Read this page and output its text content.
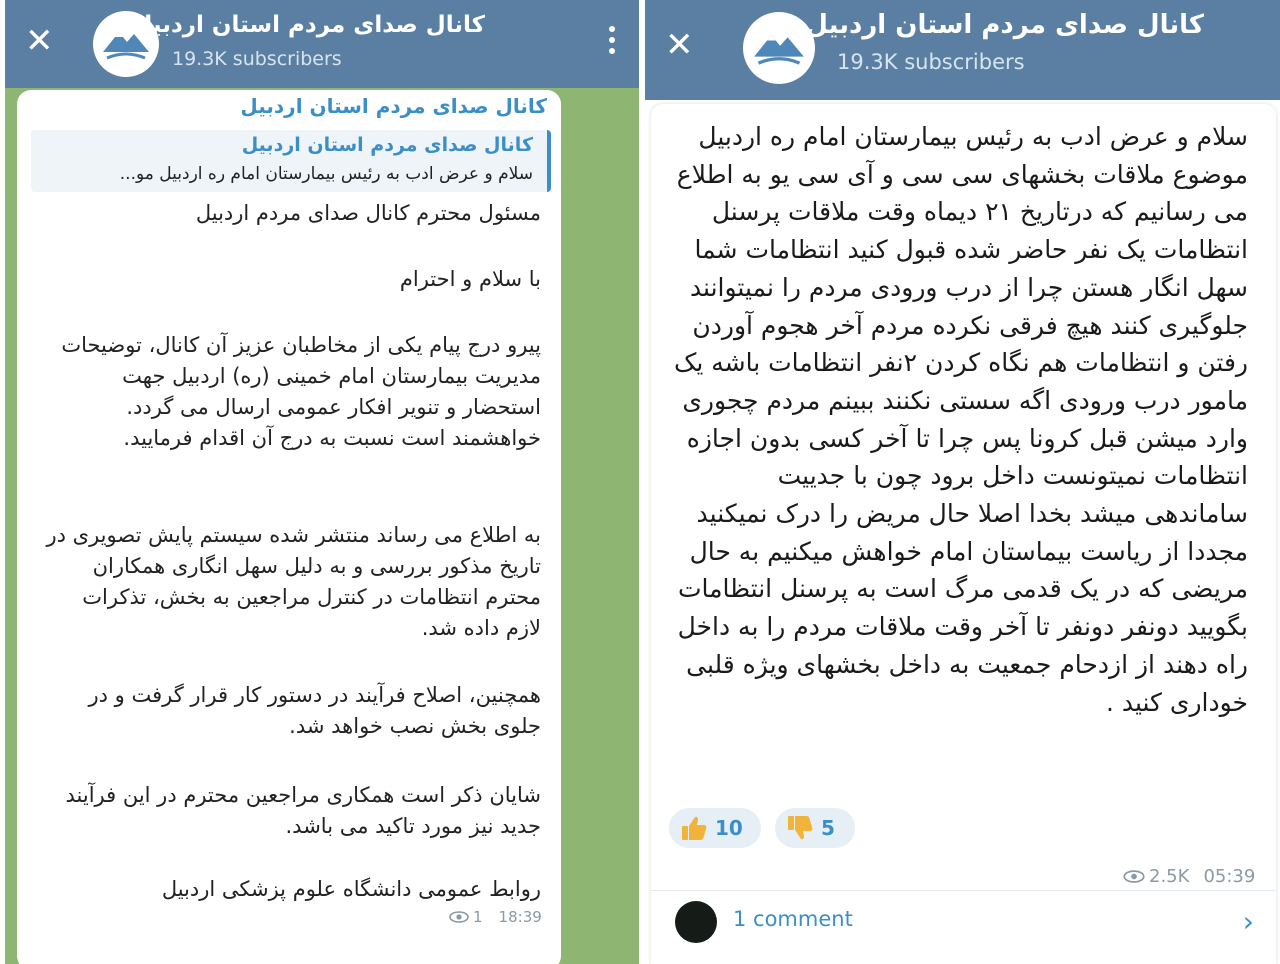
✕	کانال صدای مردم استان اردبیل
19.3K subscribers
کانال صدای مردم استان اردبیل
کانال صدای مردم استان اردبیل
سلام و عرض ادب به رئیس بیمارستان امام ره اردبیل مو...
مسئول محترم کانال صدای مردم اردبیل
با سلام و احترام
پیرو درج پیام یکی از مخاطبان عزیز آن کانال، توضیحات مدیریت بیمارستان امام خمینی (ره) اردبیل جهت استحضار و تنویر افکار عمومی ارسال می گردد. خواهشمند است نسبت به درج آن اقدام فرمایید.
به اطلاع می رساند منتشر شده سیستم پایش تصویری در تاریخ مذکور بررسی و به دلیل سهل انگاری همکاران محترم انتظامات در کنترل مراجعین به بخش، تذکرات لازم داده شد.
همچنین، اصلاح فرآیند در دستور کار قرار گرفت و در جلوی بخش نصب خواهد شد.
شایان ذکر است همکاری مراجعین محترم در این فرآیند جدید نیز مورد تاکید می باشد.
روابط عمومی دانشگاه علوم پزشکی اردبیل
1 18:39
✕	کانال صدای مردم استان اردبیل
19.3K subscribers
سلام و عرض ادب به رئیس بیمارستان امام ره اردبیل موضوع ملاقات بخشهای سی سی و آی سی یو به اطلاع می رسانیم که درتاریخ ۲۱ دیماه وقت ملاقات پرسنل انتظامات یک نفر حاضر شده قبول کنید انتظامات شما سهل انگار هستن چرا از درب ورودی مردم را نمیتوانند جلوگیری کنند هیچ فرقی نکرده مردم آخر هجوم آوردن رفتن و انتظامات هم نگاه کردن ۲نفر انتظامات باشه یک مامور درب ورودی اگه سستی نکنند ببینم مردم چجوری وارد میشن قبل کرونا پس چرا تا آخر کسی بدون اجازه انتظامات نمیتونست داخل برود چون با جدییت ساماندهی میشد بخدا اصلا حال مریض را درک نمیکنید مجددا از ریاست بیماستان امام خواهش میکنیم به حال مریضی که در یک قدمی مرگ است به پرسنل انتظامات بگویید دونفر دونفر تا آخر وقت ملاقات مردم را به داخل راه دهند از ازدحام جمعیت به داخل بخشهای ویژه قلبی خوداری کنید .
10	5
2.5K 05:39
1 comment	›
